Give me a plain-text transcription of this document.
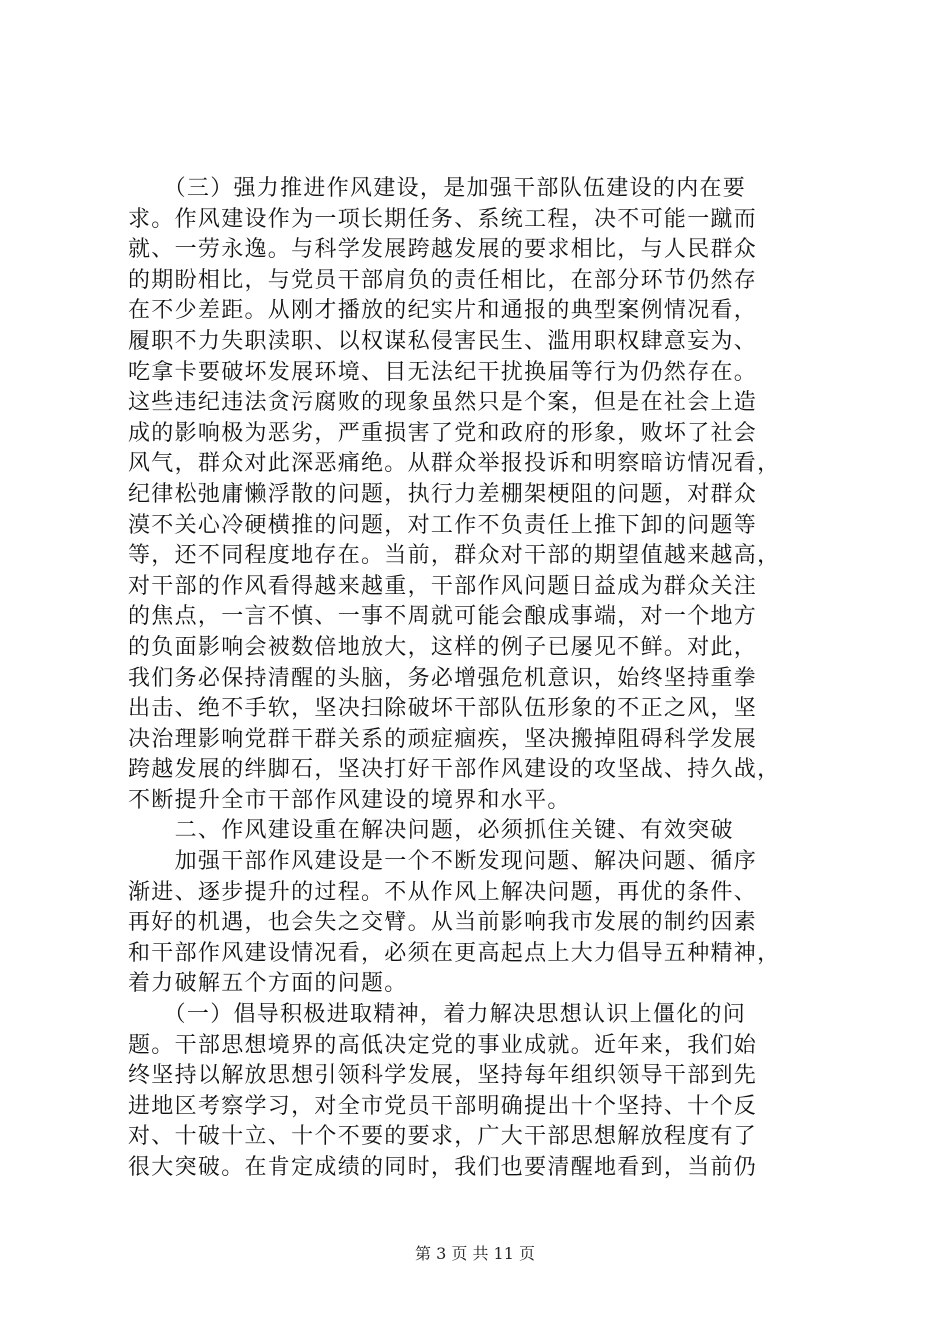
　　（三）强力推进作风建设，是加强干部队伍建设的内在要
求。作风建设作为一项长期任务、系统工程，决不可能一蹴而
就、一劳永逸。与科学发展跨越发展的要求相比，与人民群众
的期盼相比，与党员干部肩负的责任相比，在部分环节仍然存
在不少差距。从刚才播放的纪实片和通报的典型案例情况看，
履职不力失职渎职、以权谋私侵害民生、滥用职权肆意妄为、
吃拿卡要破坏发展环境、目无法纪干扰换届等行为仍然存在。
这些违纪违法贪污腐败的现象虽然只是个案，但是在社会上造
成的影响极为恶劣，严重损害了党和政府的形象，败坏了社会
风气，群众对此深恶痛绝。从群众举报投诉和明察暗访情况看，
纪律松弛庸懒浮散的问题，执行力差棚架梗阻的问题，对群众
漠不关心冷硬横推的问题，对工作不负责任上推下卸的问题等
等，还不同程度地存在。当前，群众对干部的期望值越来越高，
对干部的作风看得越来越重，干部作风问题日益成为群众关注
的焦点，一言不慎、一事不周就可能会酿成事端，对一个地方
的负面影响会被数倍地放大，这样的例子已屡见不鲜。对此，
我们务必保持清醒的头脑，务必增强危机意识，始终坚持重拳
出击、绝不手软，坚决扫除破坏干部队伍形象的不正之风，坚
决治理影响党群干群关系的顽症痼疾，坚决搬掉阻碍科学发展
跨越发展的绊脚石，坚决打好干部作风建设的攻坚战、持久战，
不断提升全市干部作风建设的境界和水平。
　　二、作风建设重在解决问题，必须抓住关键、有效突破
　　加强干部作风建设是一个不断发现问题、解决问题、循序
渐进、逐步提升的过程。不从作风上解决问题，再优的条件、
再好的机遇，也会失之交臂。从当前影响我市发展的制约因素
和干部作风建设情况看，必须在更高起点上大力倡导五种精神，
着力破解五个方面的问题。
　　（一）倡导积极进取精神，着力解决思想认识上僵化的问
题。干部思想境界的高低决定党的事业成就。近年来，我们始
终坚持以解放思想引领科学发展，坚持每年组织领导干部到先
进地区考察学习，对全市党员干部明确提出十个坚持、十个反
对、十破十立、十个不要的要求，广大干部思想解放程度有了
很大突破。在肯定成绩的同时，我们也要清醒地看到，当前仍
第 3 页 共 11 页
